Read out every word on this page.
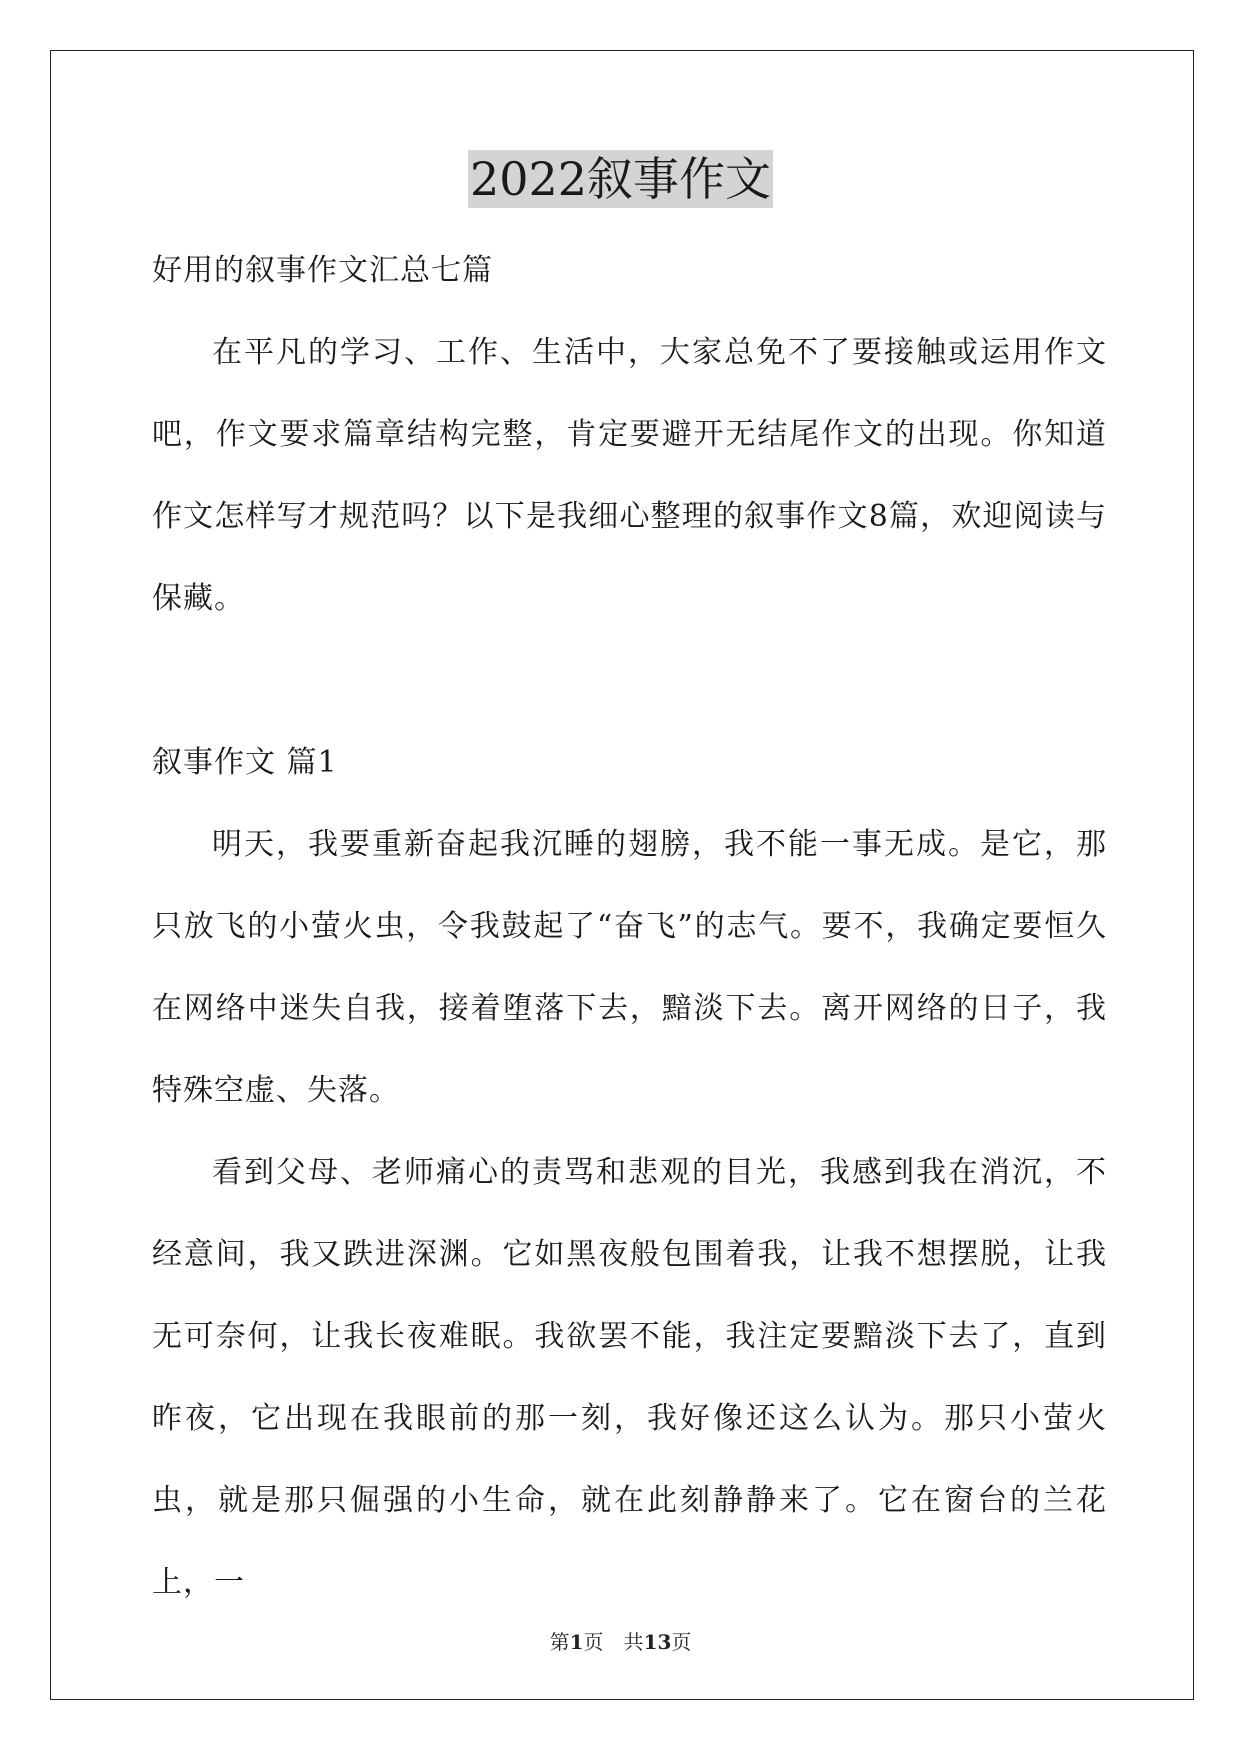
2022叙事作文

好用的叙事作文汇总七篇

在平凡的学习、工作、生活中，大家总免不了要接触或运用作文吧，作文要求篇章结构完整，肯定要避开无结尾作文的出现。你知道作文怎样写才规范吗？以下是我细心整理的叙事作文8篇，欢迎阅读与保藏。

叙事作文 篇1

明天，我要重新奋起我沉睡的翅膀，我不能一事无成。是它，那只放飞的小萤火虫，令我鼓起了“奋飞”的志气。要不，我确定要恒久在网络中迷失自我，接着堕落下去，黯淡下去。离开网络的日子，我特殊空虚、失落。

看到父母、老师痛心的责骂和悲观的目光，我感到我在消沉，不经意间，我又跌进深渊。它如黑夜般包围着我，让我不想摆脱，让我无可奈何，让我长夜难眠。我欲罢不能，我注定要黯淡下去了，直到昨夜，它出现在我眼前的那一刻，我好像还这么认为。那只小萤火虫，就是那只倔强的小生命，就在此刻静静来了。它在窗台的兰花上，一

第1页　共13页
